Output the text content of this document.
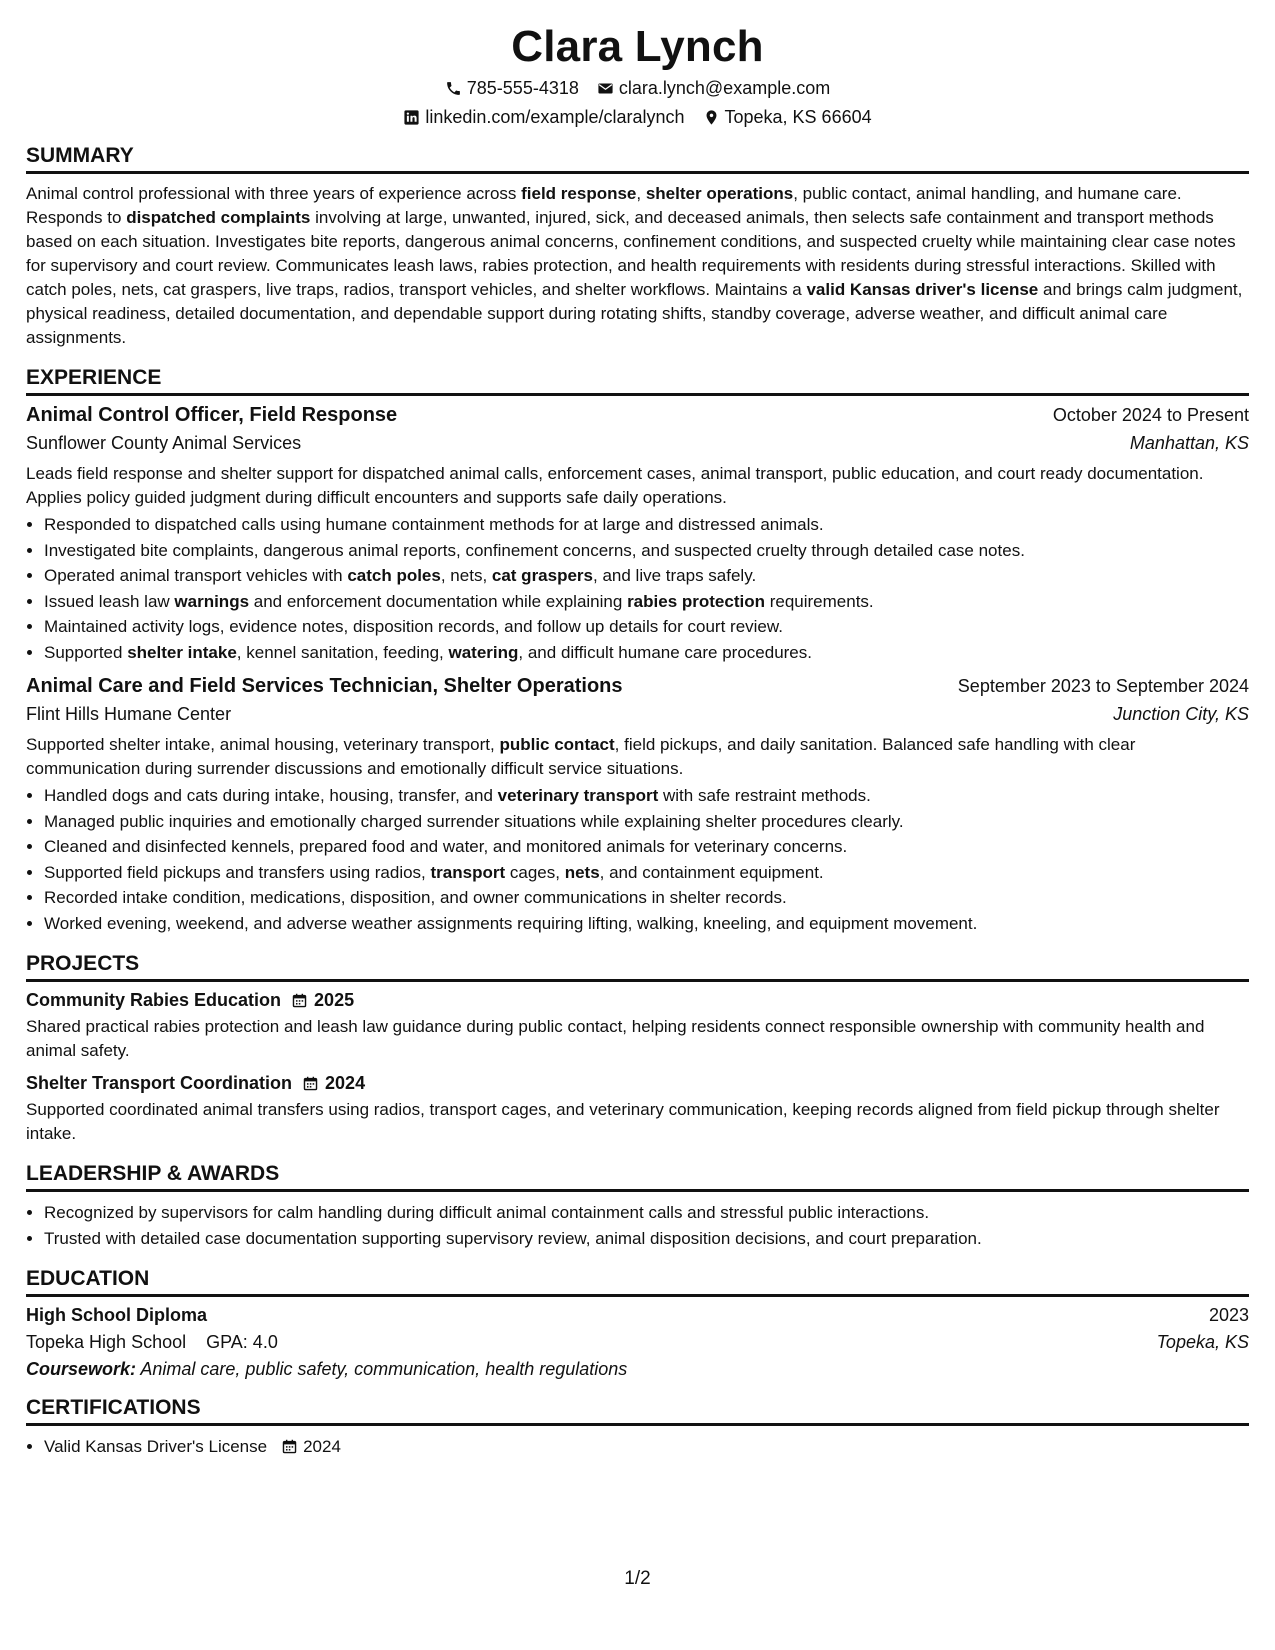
Clara Lynch
785-555-4318 clara.lynch@example.com
linkedin.com/example/claralynch Topeka, KS 66604
SUMMARY

Animal control professional with three years of experience across field response, shelter operations, public contact, animal handling, and humane care. Responds to dispatched complaints involving at large, unwanted, injured, sick, and deceased animals, then selects safe containment and transport methods based on each situation. Investigates bite reports, dangerous animal concerns, confinement conditions, and suspected cruelty while maintaining clear case notes for supervisory and court review. Communicates leash laws, rabies protection, and health requirements with residents during stressful interactions. Skilled with catch poles, nets, cat graspers, live traps, radios, transport vehicles, and shelter workflows. Maintains a valid Kansas driver's license and brings calm judgment, physical readiness, detailed documentation, and dependable support during rotating shifts, standby coverage, adverse weather, and difficult animal care assignments.

EXPERIENCE
Animal Control Officer, Field Response	October 2024 to Present
Sunflower County Animal Services	Manhattan, KS

Leads field response and shelter support for dispatched animal calls, enforcement cases, animal transport, public education, and court ready documentation. Applies policy guided judgment during difficult encounters and supports safe daily operations.

• Responded to dispatched calls using humane containment methods for at large and distressed animals.
• Investigated bite complaints, dangerous animal reports, confinement concerns, and suspected cruelty through detailed case notes.
• Operated animal transport vehicles with catch poles, nets, cat graspers, and live traps safely.
• Issued leash law warnings and enforcement documentation while explaining rabies protection requirements.
• Maintained activity logs, evidence notes, disposition records, and follow up details for court review.
• Supported shelter intake, kennel sanitation, feeding, watering, and difficult humane care procedures.
Animal Care and Field Services Technician, Shelter Operations	September 2023 to September 2024
Flint Hills Humane Center	Junction City, KS

Supported shelter intake, animal housing, veterinary transport, public contact, field pickups, and daily sanitation. Balanced safe handling with clear communication during surrender discussions and emotionally difficult service situations.

• Handled dogs and cats during intake, housing, transfer, and veterinary transport with safe restraint methods.
• Managed public inquiries and emotionally charged surrender situations while explaining shelter procedures clearly.
• Cleaned and disinfected kennels, prepared food and water, and monitored animals for veterinary concerns.
• Supported field pickups and transfers using radios, transport cages, nets, and containment equipment.
• Recorded intake condition, medications, disposition, and owner communications in shelter records.
• Worked evening, weekend, and adverse weather assignments requiring lifting, walking, kneeling, and equipment movement.
PROJECTS
Community Rabies Education 2025

Shared practical rabies protection and leash law guidance during public contact, helping residents connect responsible ownership with community health and animal safety.

Shelter Transport Coordination 2024

Supported coordinated animal transfers using radios, transport cages, and veterinary communication, keeping records aligned from field pickup through shelter intake.

LEADERSHIP & AWARDS
• Recognized by supervisors for calm handling during difficult animal containment calls and stressful public interactions.
• Trusted with detailed case documentation supporting supervisory review, animal disposition decisions, and court preparation.
EDUCATION
High School Diploma	2023
Topeka High School GPA: 4.0	Topeka, KS
Coursework: Animal care, public safety, communication, health regulations
CERTIFICATIONS
• Valid Kansas Driver's License 2024
1/2
